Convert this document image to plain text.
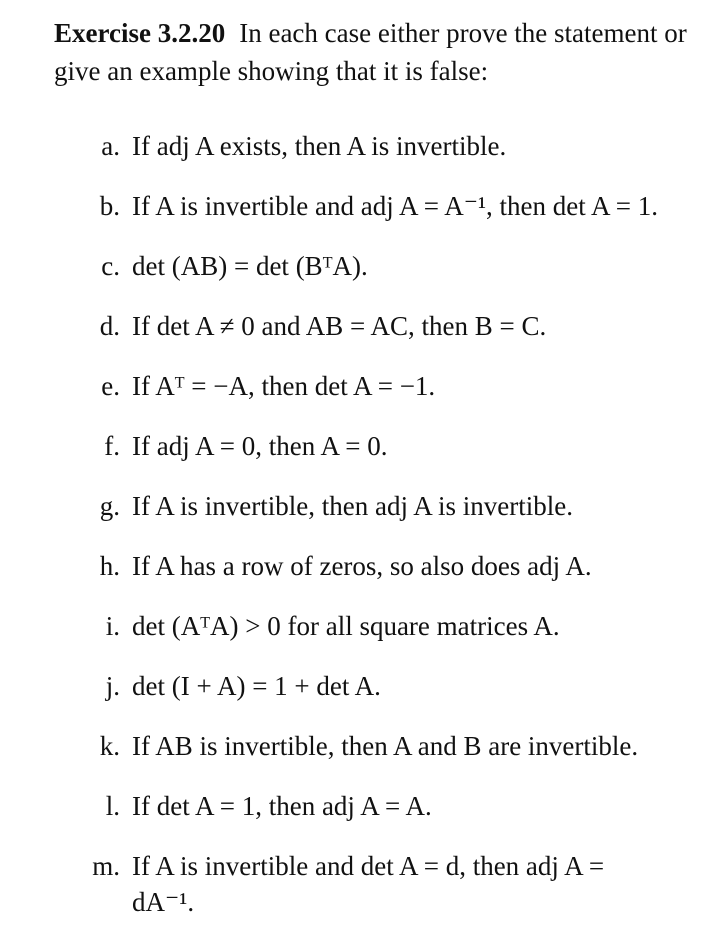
Exercise 3.2.20 In each case either prove the statement or give an example showing that it is false:
a. If adj A exists, then A is invertible.
b. If A is invertible and adj A = A⁻¹, then det A = 1.
c. det (AB) = det (BᵀA).
d. If det A ≠ 0 and AB = AC, then B = C.
e. If Aᵀ = −A, then det A = −1.
f. If adj A = 0, then A = 0.
g. If A is invertible, then adj A is invertible.
h. If A has a row of zeros, so also does adj A.
i. det (AᵀA) > 0 for all square matrices A.
j. det (I + A) = 1 + det A.
k. If AB is invertible, then A and B are invertible.
l. If det A = 1, then adj A = A.
m. If A is invertible and det A = d, then adj A =
dA⁻¹.
